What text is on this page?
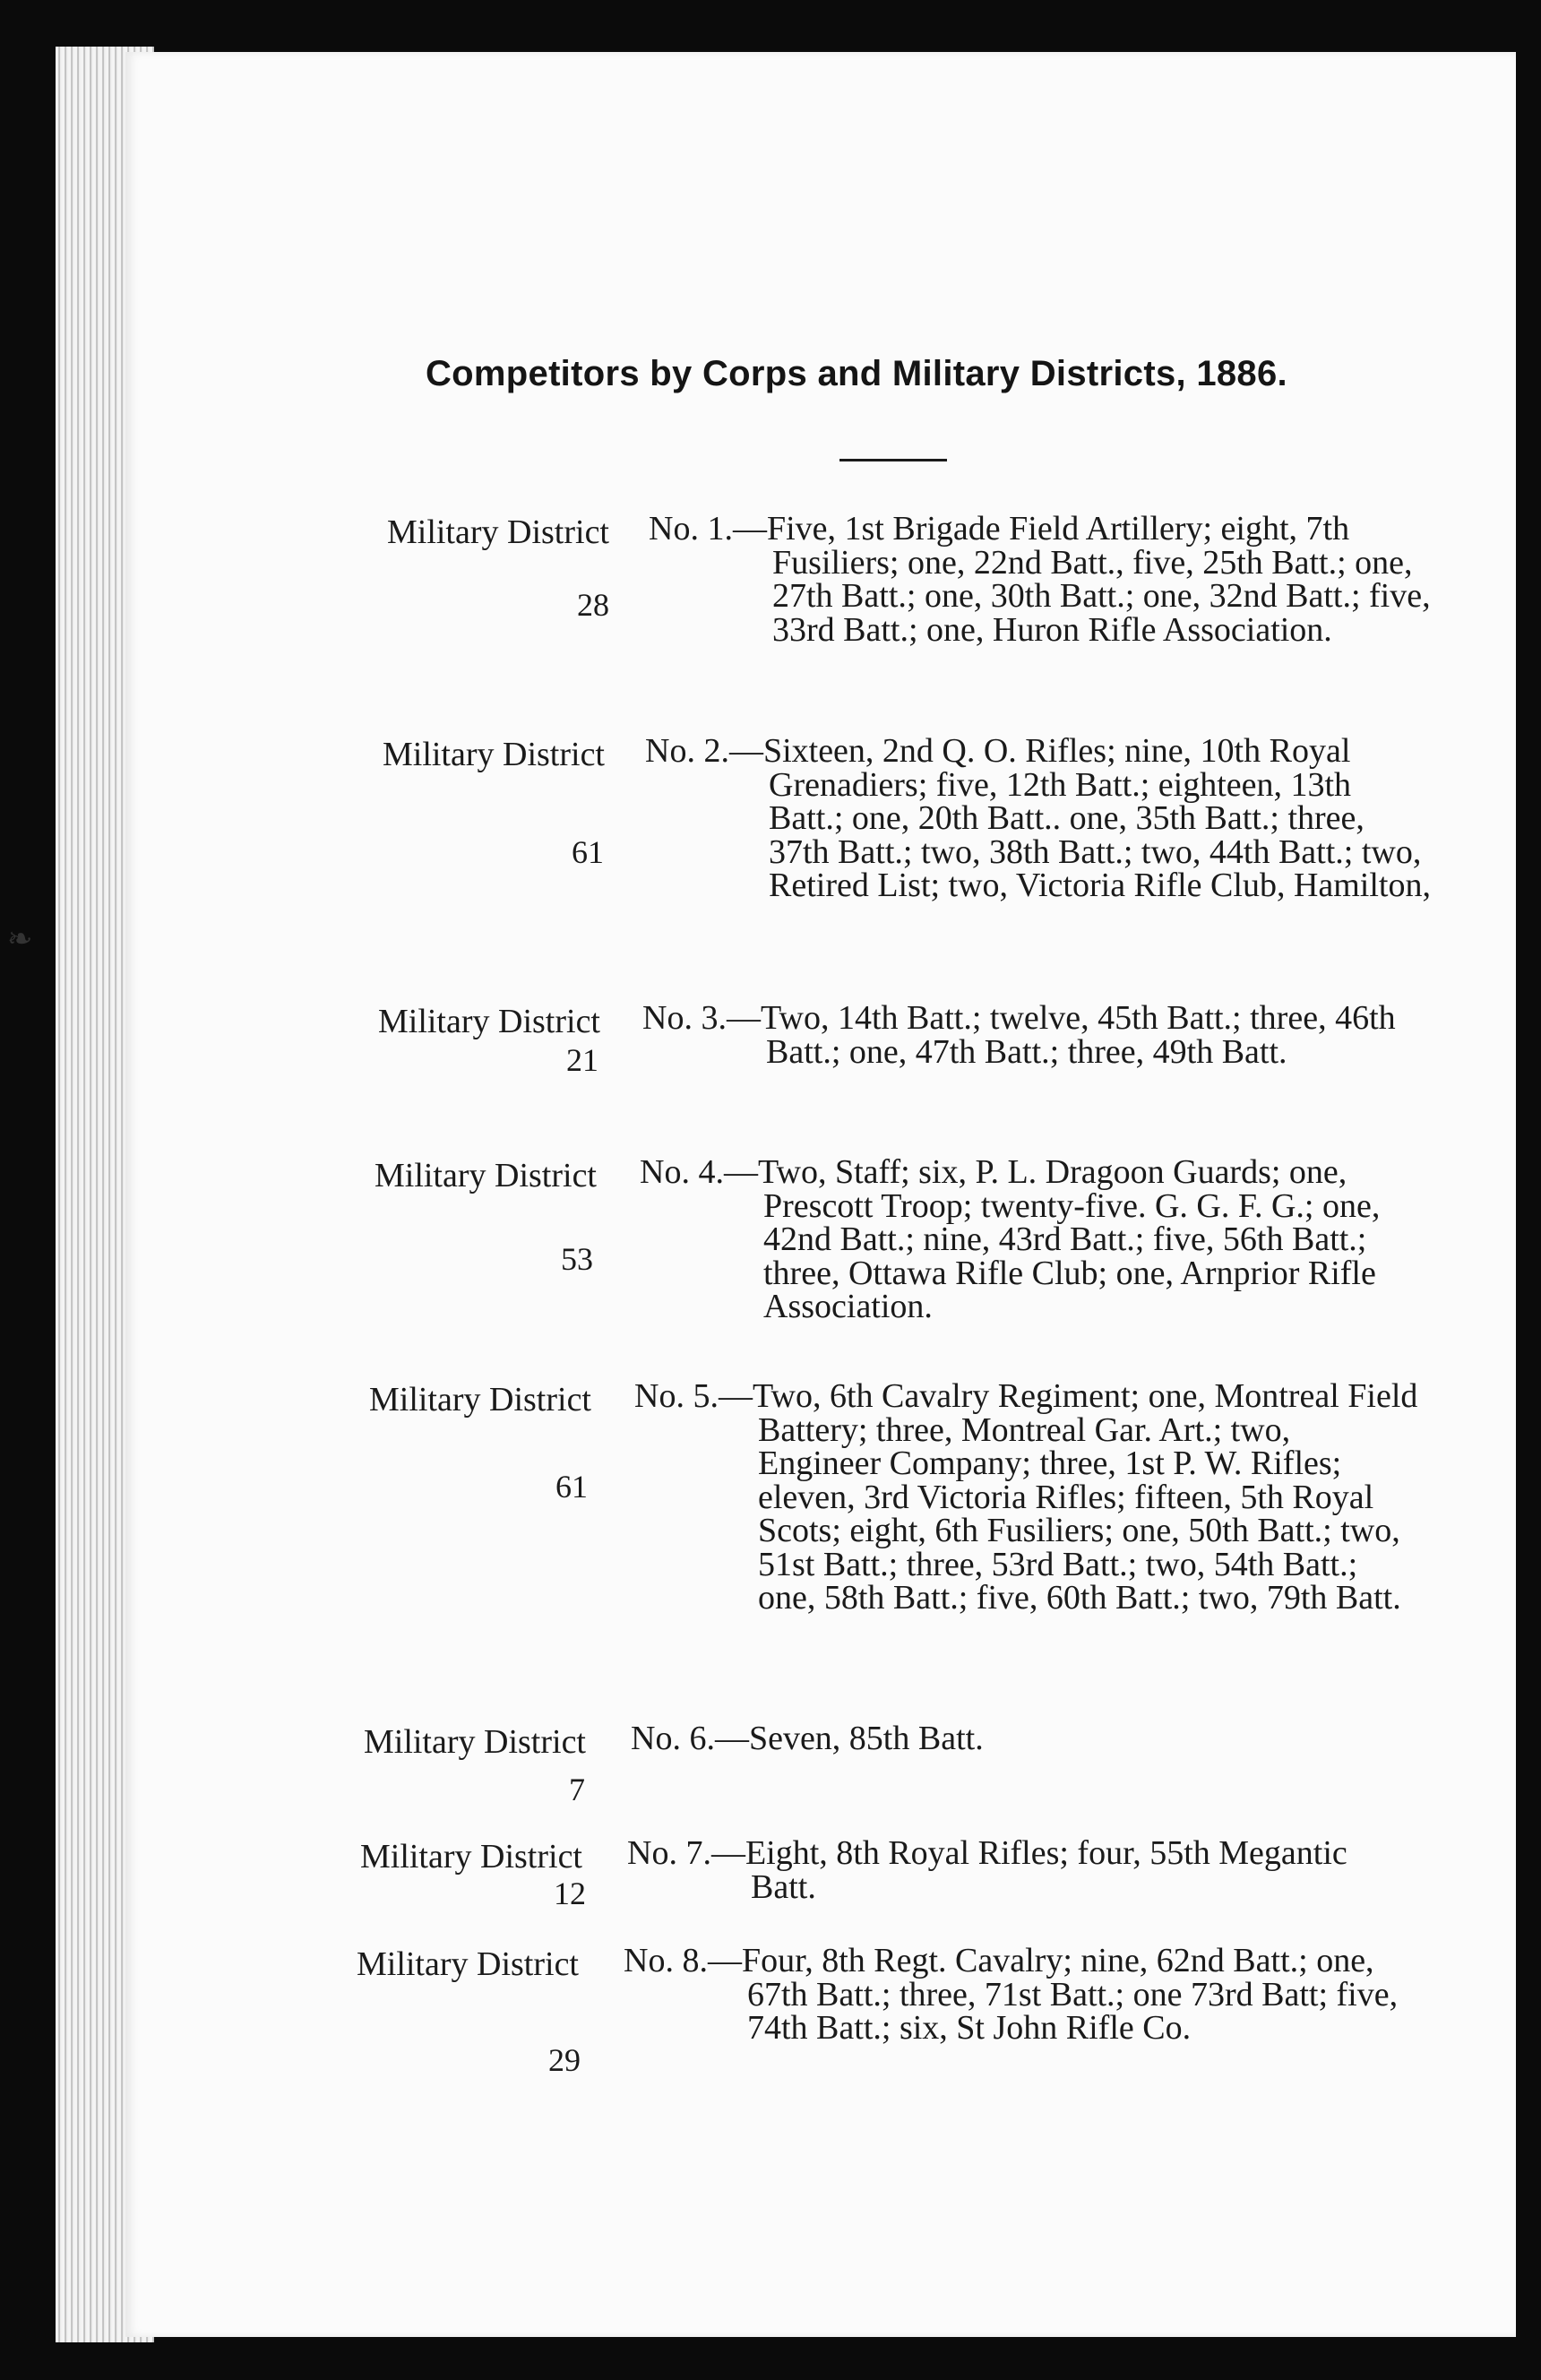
Competitors by Corps and Military Districts, 1886.
Military District
28
No. 1.—Five, 1st Brigade Field Artillery; eight, 7th Fusiliers; one, 22nd Batt., five, 25th Batt.; one, 27th Batt.; one, 30th Batt.; one, 32nd Batt.; five, 33rd Batt.; one, Huron Rifle Association.
Military District
61
No. 2.—Sixteen, 2nd Q. O. Rifles; nine, 10th Royal Grenadiers; five, 12th Batt.; eighteen, 13th Batt.; one, 20th Batt.. one, 35th Batt.; three, 37th Batt.; two, 38th Batt.; two, 44th Batt.; two, Retired List; two, Victoria Rifle Club, Hamilton,
Military District
21
No. 3.—Two, 14th Batt.; twelve, 45th Batt.; three, 46th Batt.; one, 47th Batt.; three, 49th Batt.
Military District
53
No. 4.—Two, Staff; six, P. L. Dragoon Guards; one, Prescott Troop; twenty-five. G. G. F. G.; one, 42nd Batt.; nine, 43rd Batt.; five, 56th Batt.; three, Ottawa Rifle Club; one, Arnprior Rifle Association.
Military District
61
No. 5.—Two, 6th Cavalry Regiment; one, Montreal Field Battery; three, Montreal Gar. Art.; two, Engineer Company; three, 1st P. W. Rifles; eleven, 3rd Victoria Rifles; fifteen, 5th Royal Scots; eight, 6th Fusiliers; one, 50th Batt.; two, 51st Batt.; three, 53rd Batt.; two, 54th Batt.; one, 58th Batt.; five, 60th Batt.; two, 79th Batt.
Military District
7
No. 6.—Seven, 85th Batt.
Military District
12
No. 7.—Eight, 8th Royal Rifles; four, 55th Megantic Batt.
Military District
29
No. 8.—Four, 8th Regt. Cavalry; nine, 62nd Batt.; one, 67th Batt.; three, 71st Batt.; one 73rd Batt; five, 74th Batt.; six, St John Rifle Co.
❧
